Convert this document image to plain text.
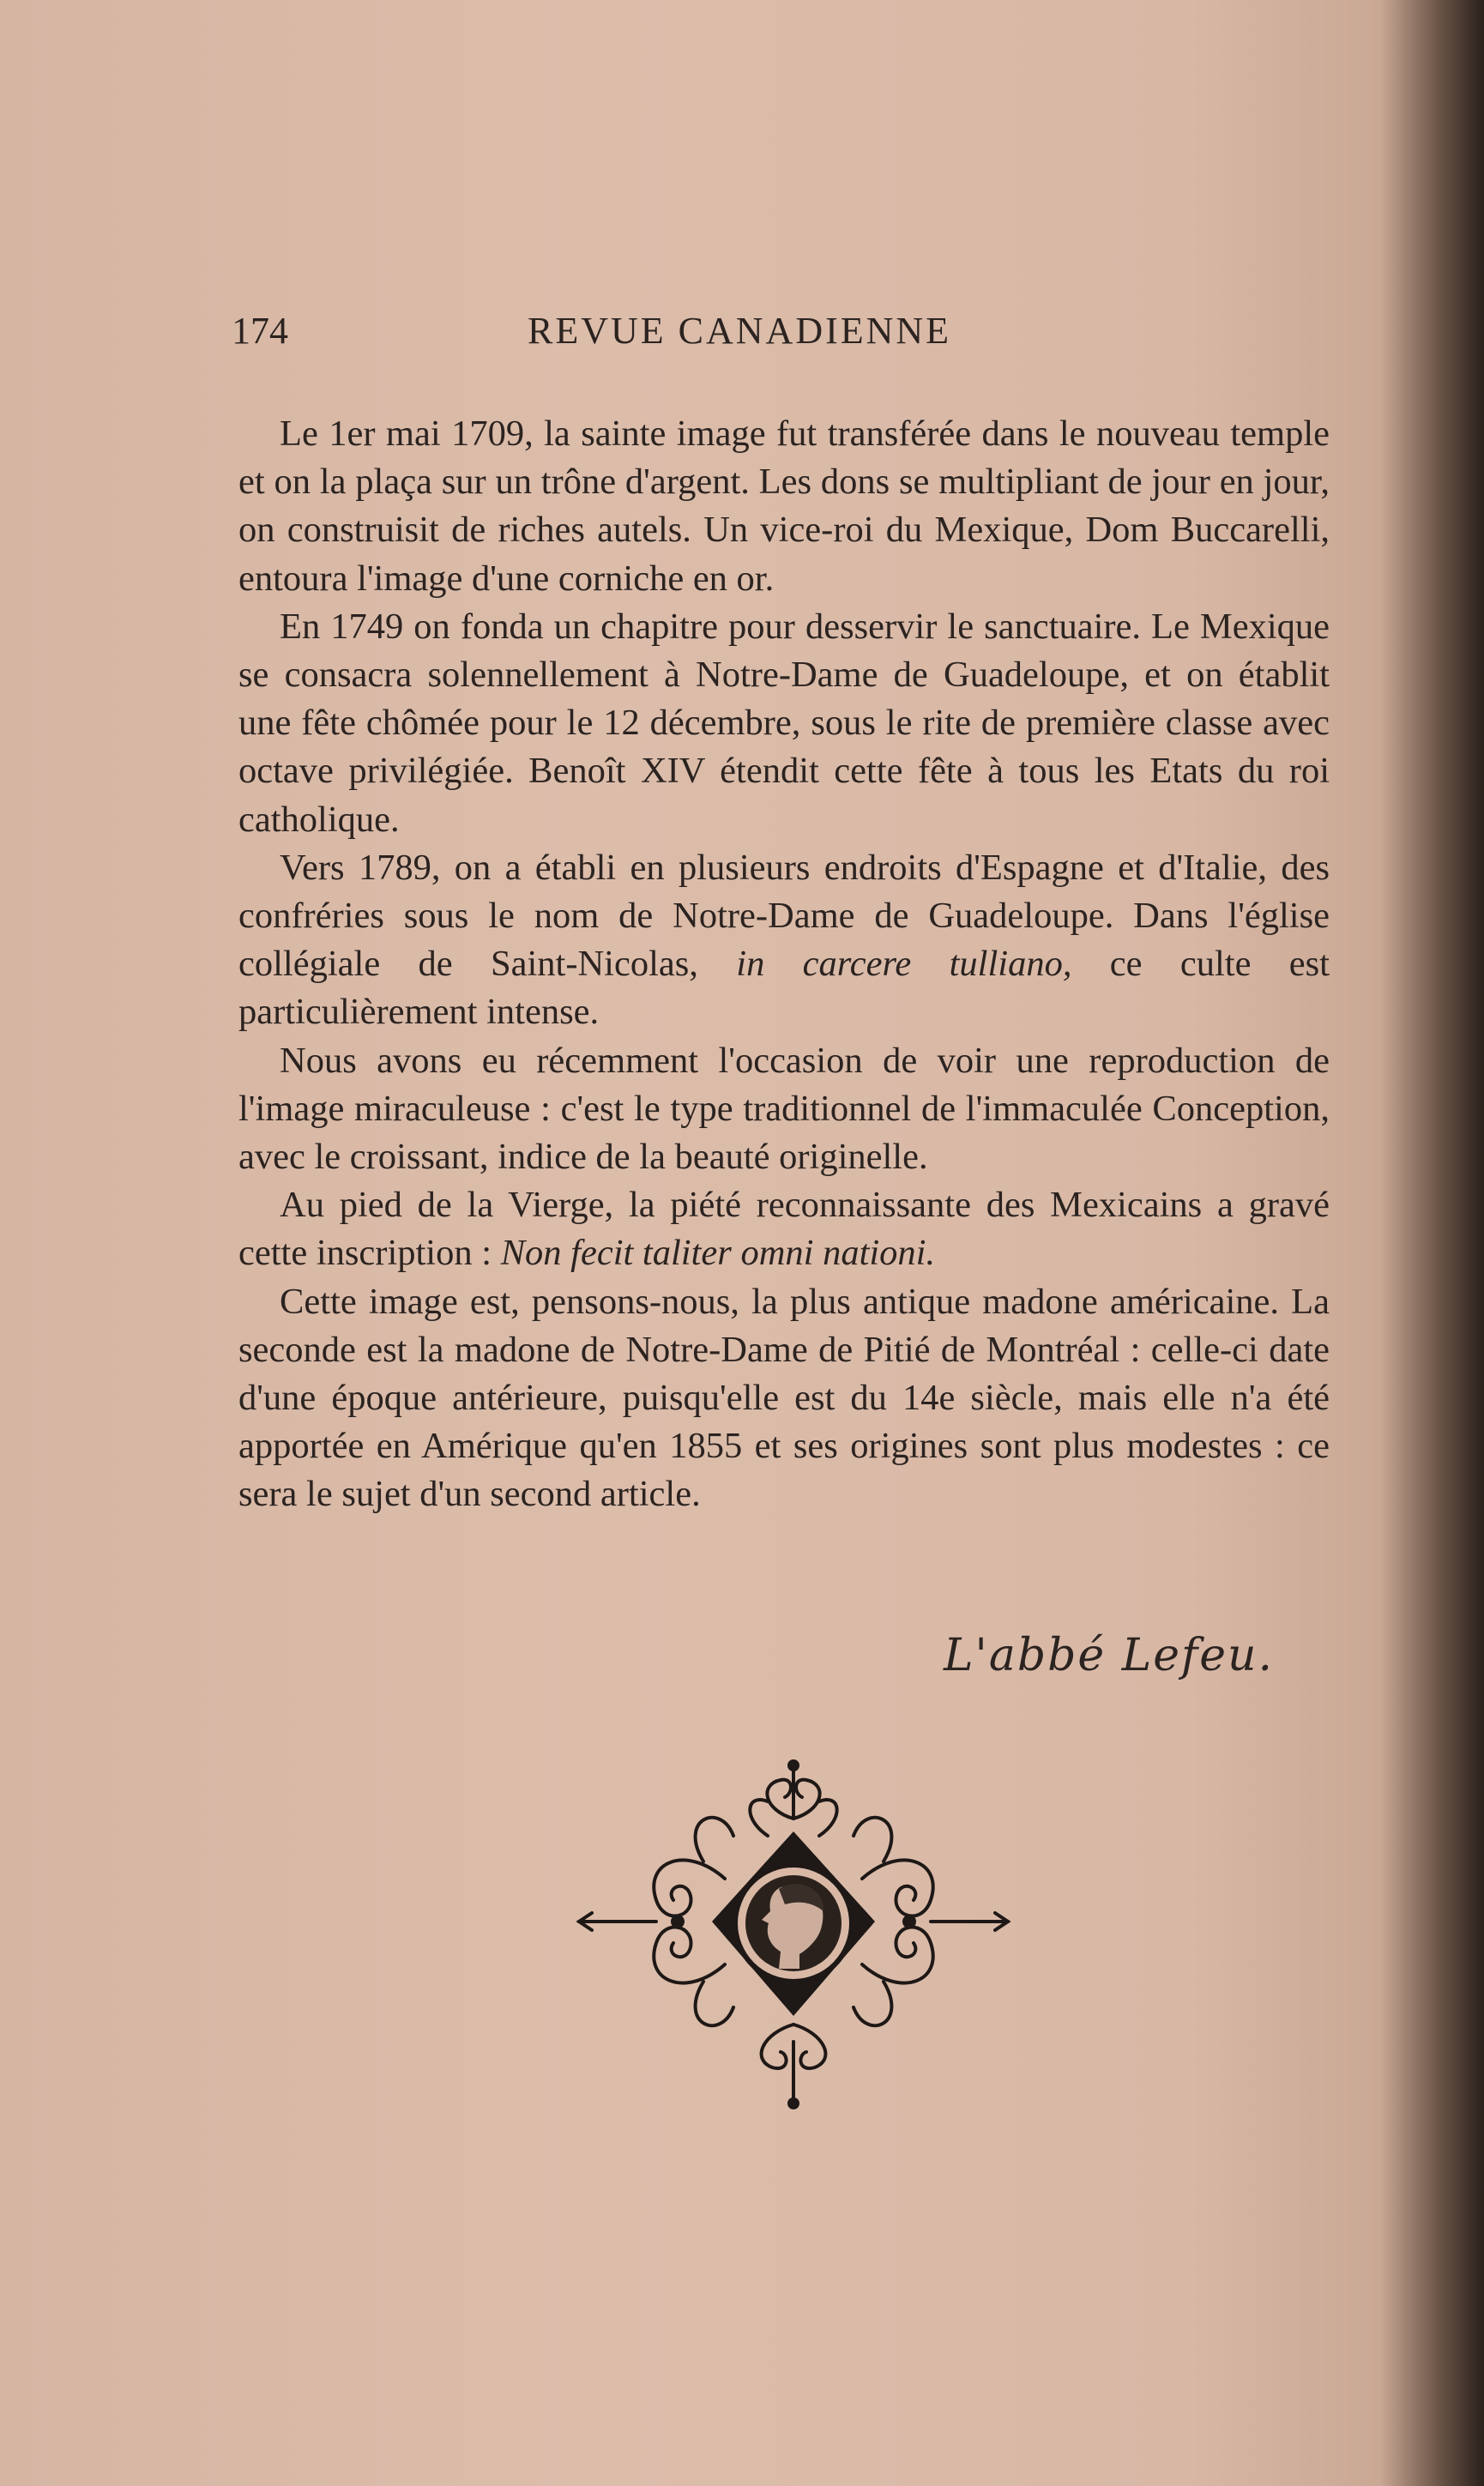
174	REVUE CANADIENNE

Le 1er mai 1709, la sainte image fut transférée dans le nouveau temple et on la plaça sur un trône d'argent. Les dons se multipliant de jour en jour, on construisit de riches autels. Un vice-roi du Mexique, Dom Buccarelli, entoura l'image d'une corniche en or.

En 1749 on fonda un chapitre pour desservir le sanctuaire. Le Mexique se consacra solennellement à Notre-Dame de Guadeloupe, et on établit une fête chômée pour le 12 décembre, sous le rite de première classe avec octave privilégiée. Benoît XIV étendit cette fête à tous les Etats du roi catholique.

Vers 1789, on a établi en plusieurs endroits d'Espagne et d'Italie, des confréries sous le nom de Notre-Dame de Guadeloupe. Dans l'église collégiale de Saint-Nicolas, in carcere tulliano, ce culte est particulièrement intense.

Nous avons eu récemment l'occasion de voir une reproduction de l'image miraculeuse : c'est le type traditionnel de l'immaculée Conception, avec le croissant, indice de la beauté originelle.

Au pied de la Vierge, la piété reconnaissante des Mexicains a gravé cette inscription : Non fecit taliter omni nationi.

Cette image est, pensons-nous, la plus antique madone américaine. La seconde est la madone de Notre-Dame de Pitié de Montréal : celle-ci date d'une époque antérieure, puisqu'elle est du 14e siècle, mais elle n'a été apportée en Amérique qu'en 1855 et ses origines sont plus modestes : ce sera le sujet d'un second article.

L'abbé Lefeu.
